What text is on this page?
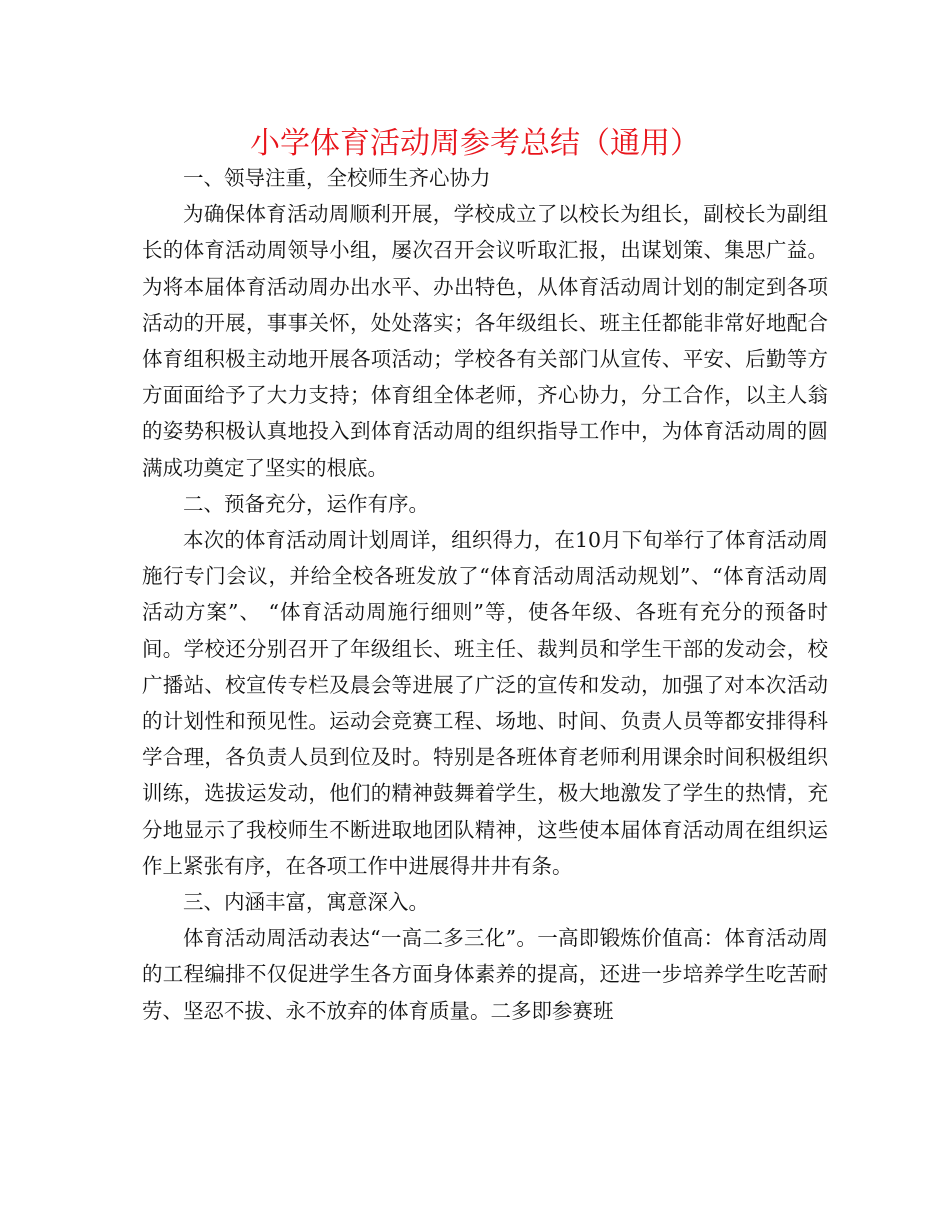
小学体育活动周参考总结（通用）

一、领导注重，全校师生齐心协力

为确保体育活动周顺利开展，学校成立了以校长为组长，副校长为副组长的体育活动周领导小组，屡次召开会议听取汇报，出谋划策、集思广益。为将本届体育活动周办出水平、办出特色，从体育活动周计划的制定到各项活动的开展，事事关怀，处处落实；各年级组长、班主任都能非常好地配合体育组积极主动地开展各项活动；学校各有关部门从宣传、平安、后勤等方方面面给予了大力支持；体育组全体老师，齐心协力，分工合作，以主人翁的姿势积极认真地投入到体育活动周的组织指导工作中，为体育活动周的圆满成功奠定了坚实的根底。

二、预备充分，运作有序。

本次的体育活动周计划周详，组织得力，在10月下旬举行了体育活动周施行专门会议，并给全校各班发放了“体育活动周活动规划”、“体育活动周活动方案”、 “体育活动周施行细则”等，使各年级、各班有充分的预备时间。学校还分别召开了年级组长、班主任、裁判员和学生干部的发动会，校广播站、校宣传专栏及晨会等进展了广泛的宣传和发动，加强了对本次活动的计划性和预见性。运动会竞赛工程、场地、时间、负责人员等都安排得科学合理，各负责人员到位及时。特别是各班体育老师利用课余时间积极组织训练，选拔运发动，他们的精神鼓舞着学生，极大地激发了学生的热情，充分地显示了我校师生不断进取地团队精神，这些使本届体育活动周在组织运作上紧张有序，在各项工作中进展得井井有条。

三、内涵丰富，寓意深入。

体育活动周活动表达“一高二多三化”。一高即锻炼价值高：体育活动周的工程编排不仅促进学生各方面身体素养的提高，还进一步培养学生吃苦耐劳、坚忍不拔、永不放弃的体育质量。二多即参赛班
